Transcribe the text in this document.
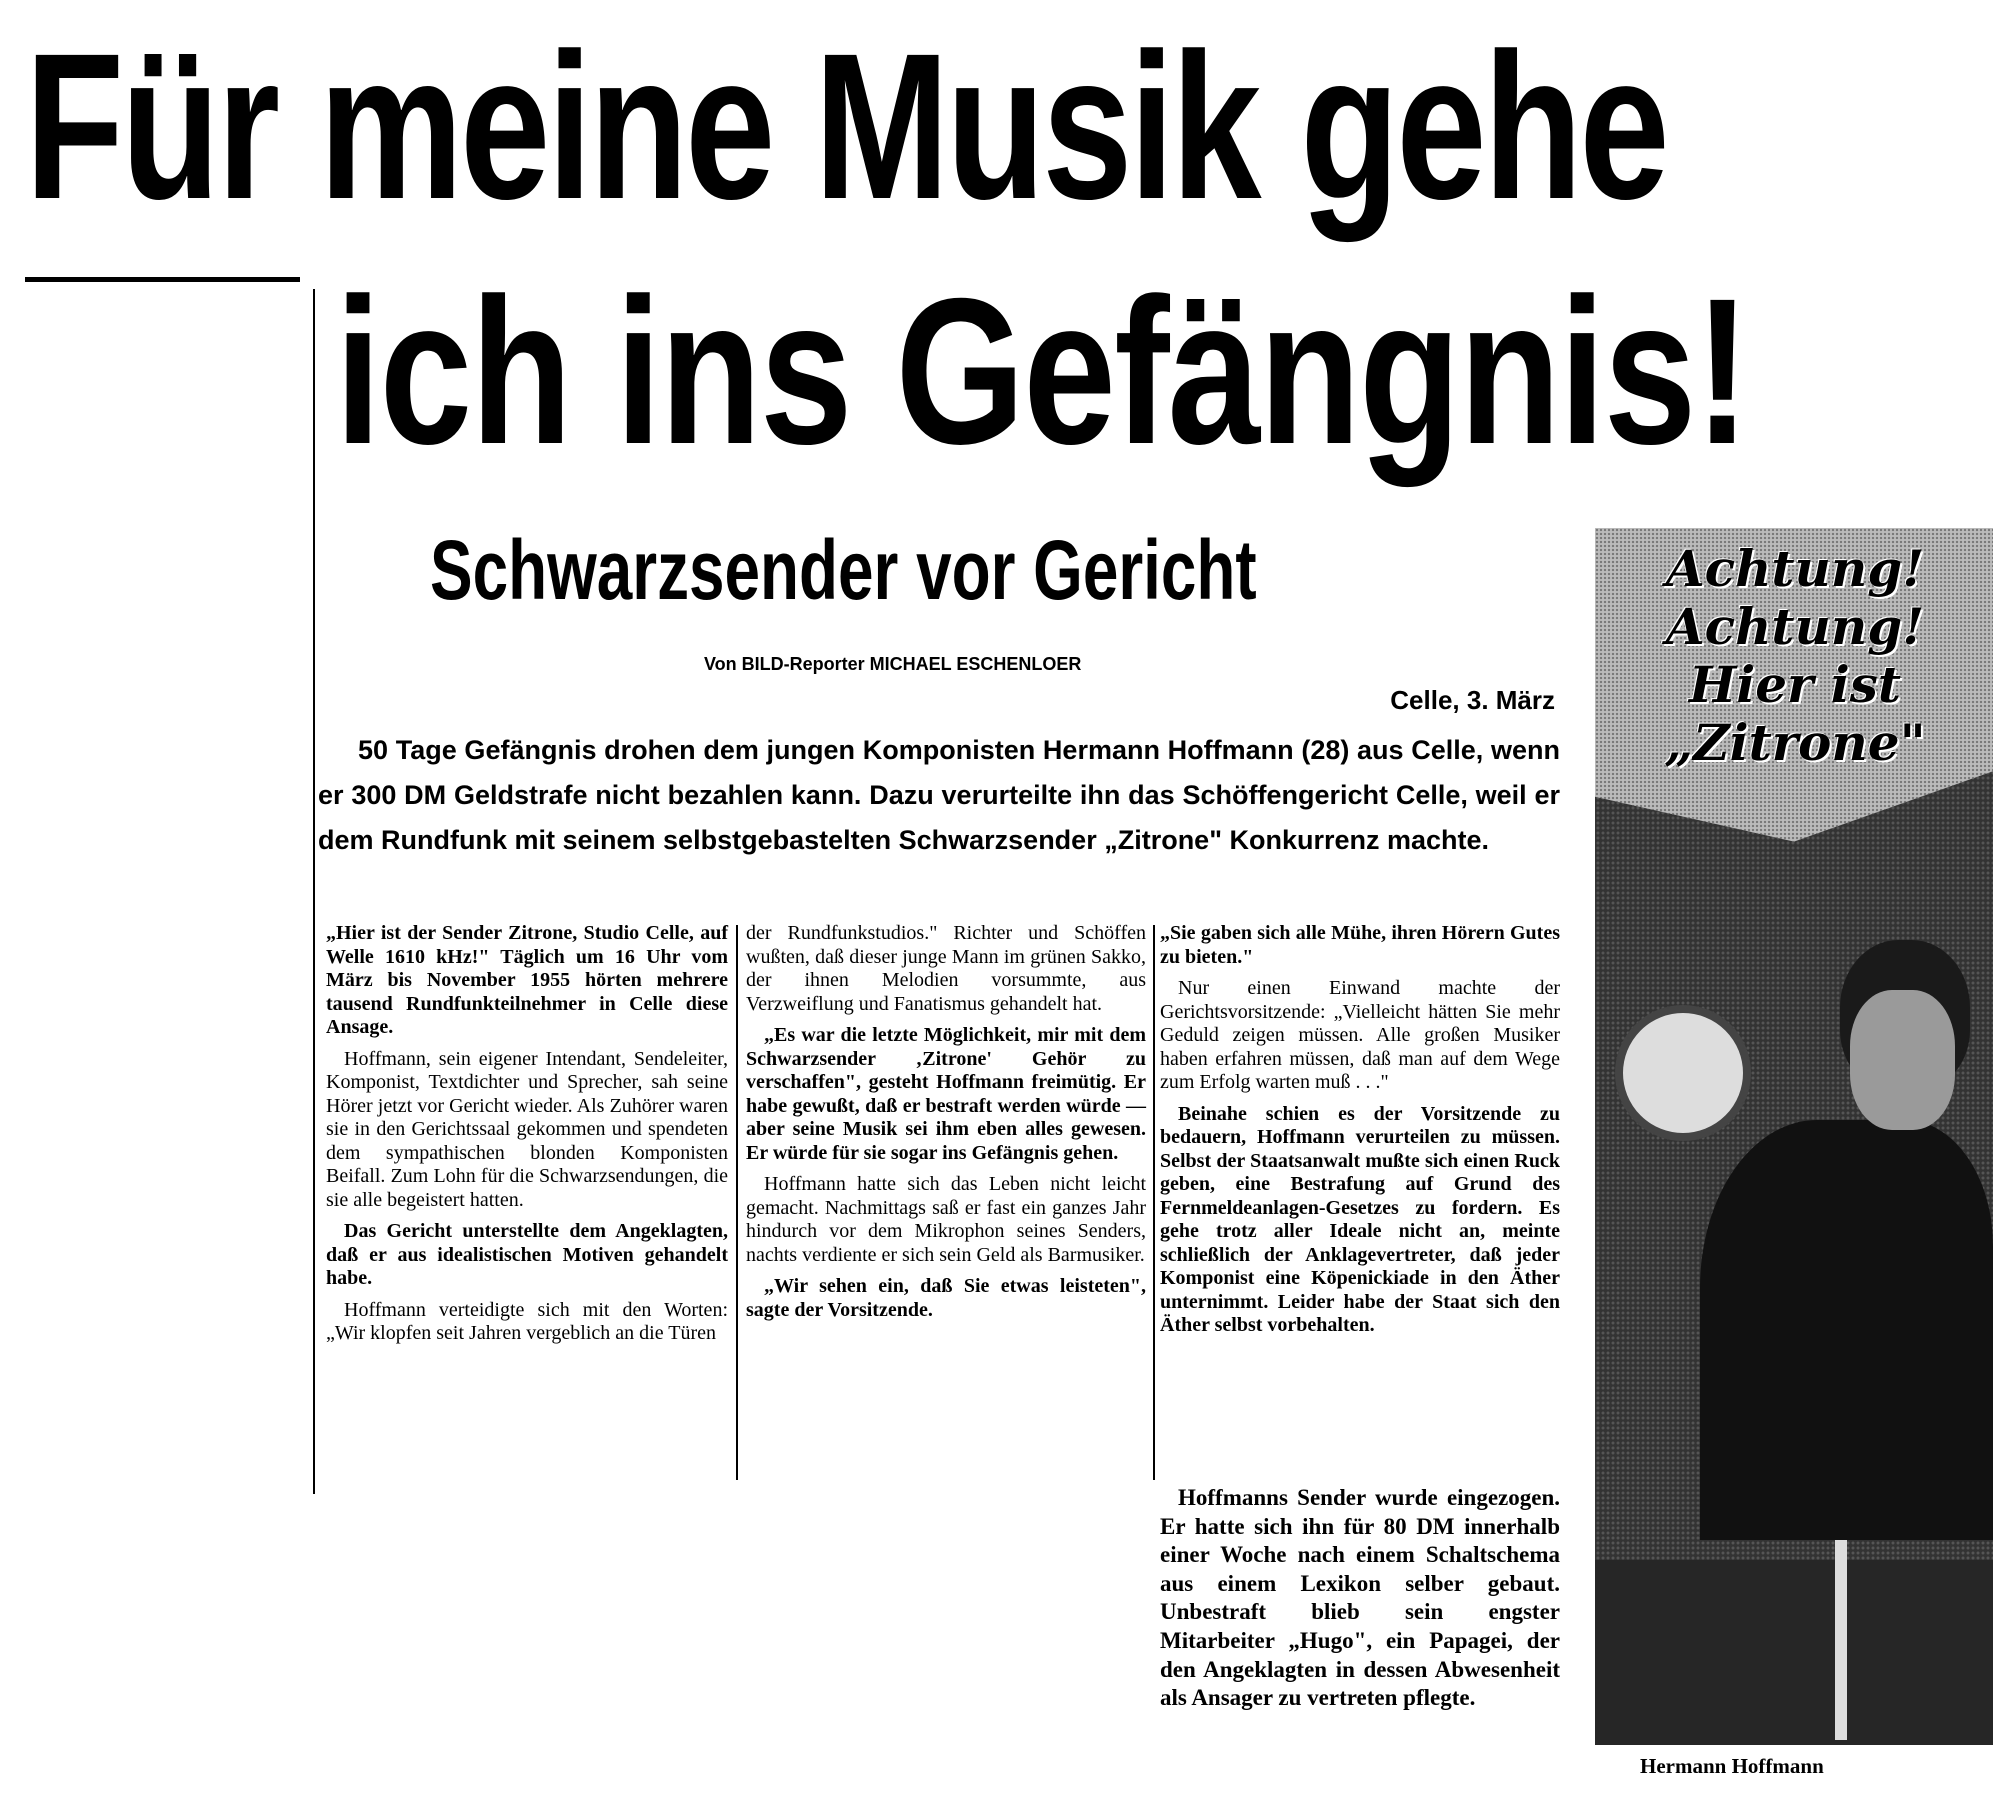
Für meine Musik gehe
ich ins Gefängnis!
Schwarzsender vor Gericht
Von BILD-Reporter MICHAEL ESCHENLOER
Celle, 3. März
50 Tage Gefängnis drohen dem jungen Komponisten Hermann Hoffmann (28) aus Celle, wenn er 300 DM Geldstrafe nicht bezahlen kann. Dazu verurteilte ihn das Schöffengericht Celle, weil er dem Rundfunk mit seinem selbstgebastelten Schwarzsender „Zitrone" Konkurrenz machte.

„Hier ist der Sender Zitrone, Studio Celle, auf Welle 1610 kHz!" Täglich um 16 Uhr vom März bis November 1955 hörten mehrere tausend Rundfunkteilnehmer in Celle diese Ansage.

Hoffmann, sein eigener Intendant, Sendeleiter, Komponist, Textdichter und Sprecher, sah seine Hörer jetzt vor Gericht wieder. Als Zuhörer waren sie in den Gerichtssaal gekommen und spendeten dem sympathischen blonden Komponisten Beifall. Zum Lohn für die Schwarzsendungen, die sie alle begeistert hatten.

Das Gericht unterstellte dem Angeklagten, daß er aus idealistischen Motiven gehandelt habe.

Hoffmann verteidigte sich mit den Worten: „Wir klopfen seit Jahren vergeblich an die Türen

der Rundfunkstudios." Richter und Schöffen wußten, daß dieser junge Mann im grünen Sakko, der ihnen Melodien vorsummte, aus Verzweiflung und Fanatismus gehandelt hat.

„Es war die letzte Möglichkeit, mir mit dem Schwarzsender ‚Zitrone' Gehör zu verschaffen", gesteht Hoffmann freimütig. Er habe gewußt, daß er bestraft werden würde — aber seine Musik sei ihm eben alles gewesen. Er würde für sie sogar ins Gefängnis gehen.

Hoffmann hatte sich das Leben nicht leicht gemacht. Nachmittags saß er fast ein ganzes Jahr hindurch vor dem Mikrophon seines Senders, nachts verdiente er sich sein Geld als Barmusiker.

„Wir sehen ein, daß Sie etwas leisteten", sagte der Vorsitzende.

„Sie gaben sich alle Mühe, ihren Hörern Gutes zu bieten."

Nur einen Einwand machte der Gerichtsvorsitzende: „Vielleicht hätten Sie mehr Geduld zeigen müssen. Alle großen Musiker haben erfahren müssen, daß man auf dem Wege zum Erfolg warten muß . . ."

Beinahe schien es der Vorsitzende zu bedauern, Hoffmann verurteilen zu müssen. Selbst der Staatsanwalt mußte sich einen Ruck geben, eine Bestrafung auf Grund des Fernmeldeanlagen-Gesetzes zu fordern. Es gehe trotz aller Ideale nicht an, meinte schließlich der Anklagevertreter, daß jeder Komponist eine Köpenickiade in den Äther unternimmt. Leider habe der Staat sich den Äther selbst vorbehalten.

Hoffmanns Sender wurde eingezogen. Er hatte sich ihn für 80 DM innerhalb einer Woche nach einem Schaltschema aus einem Lexikon selber gebaut. Unbestraft blieb sein engster Mitarbeiter „Hugo", ein Papagei, der den Angeklagten in dessen Abwesenheit als Ansager zu vertreten pflegte.

Achtung!
Achtung!
Hier ist
„Zitrone"
Hermann Hoffmann
